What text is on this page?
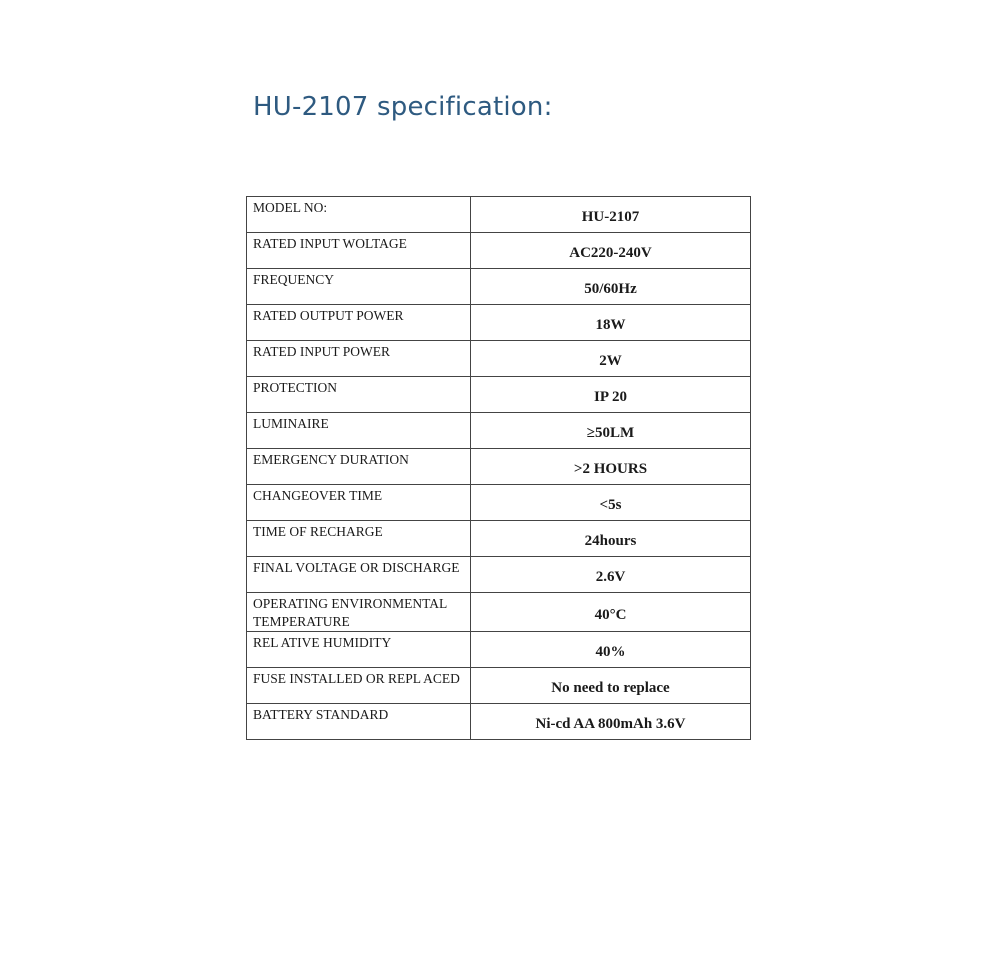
HU-2107 specification:
MODEL NO:	HU-2107
RATED INPUT WOLTAGE	AC220-240V
FREQUENCY	50/60Hz
RATED OUTPUT POWER	18W
RATED INPUT POWER	2W
PROTECTION	IP 20
LUMINAIRE	≥50LM
EMERGENCY DURATION	>2 HOURS
CHANGEOVER TIME	<5s
TIME OF RECHARGE	24hours
FINAL VOLTAGE OR DISCHARGE	2.6V
OPERATING ENVIRONMENTAL TEMPERATURE	40°C
REL ATIVE HUMIDITY	40%
FUSE INSTALLED OR REPL ACED	No need to replace
BATTERY STANDARD	Ni-cd AA 800mAh 3.6V
